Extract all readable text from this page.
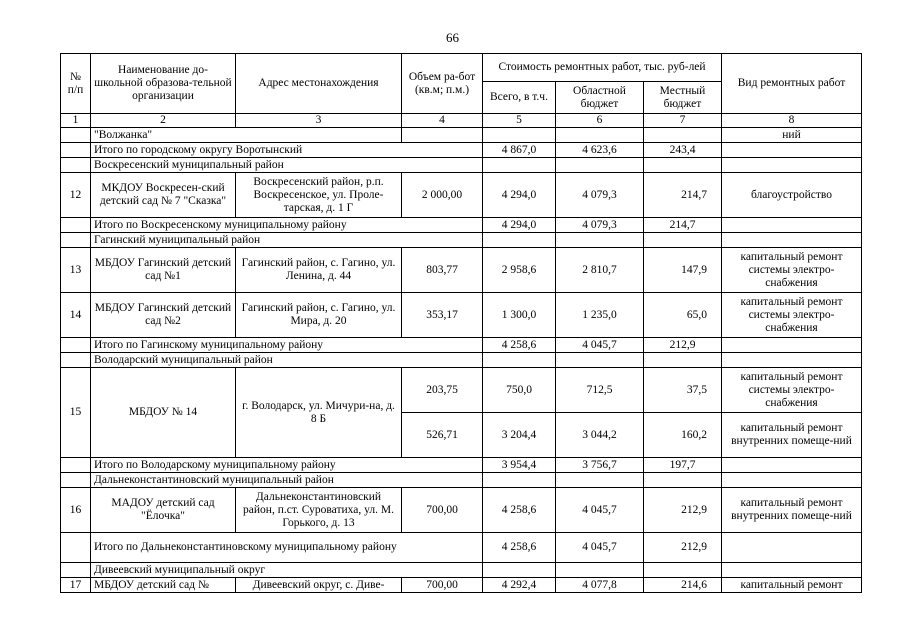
66
№ п/п	Наименование до-школьной образова-тельной организации	Адрес местонахождения	Объем ра-бот (кв.м; п.м.)	Стоимость ремонтных работ, тыс. руб-лей			Вид ремонтных работ
				Всего, в т.ч.	Областной бюджет	Местный бюджет	
1	2	3	4	5	6	7	8
	"Волжанка"						ний
	Итого по городскому округу Воротынский			4 867,0	4 623,6	243,4	
	Воскресенский муниципальный район						
12	МКДОУ Воскресен-ский детский сад № 7 "Сказка"	Воскресенский район, р.п. Воскресенское, ул. Проле-тарская, д. 1 Г	2 000,00	4 294,0	4 079,3	214,7	благоустройство
	Итого по Воскресенскому муниципальному району			4 294,0	4 079,3	214,7	
	Гагинский муниципальный район						
13	МБДОУ Гагинский детский сад №1	Гагинский район, с. Гагино, ул. Ленина, д. 44	803,77	2 958,6	2 810,7	147,9	капитальный ремонт системы электро-снабжения
14	МБДОУ Гагинский детский сад №2	Гагинский район, с. Гагино, ул. Мира, д. 20	353,17	1 300,0	1 235,0	65,0	капитальный ремонт системы электро-снабжения
	Итого по Гагинскому муниципальному району			4 258,6	4 045,7	212,9	
	Володарский муниципальный район						
15	МБДОУ № 14	г. Володарск, ул. Мичури-на, д. 8 Б	203,75	750,0	712,5	37,5	капитальный ремонт системы электро-снабжения
			526,71	3 204,4	3 044,2	160,2	капитальный ремонт внутренних помеще-ний
	Итого по Володарскому муниципальному району			3 954,4	3 756,7	197,7	
	Дальнеконстантиновский муниципальный район						
16	МАДОУ детский сад "Ёлочка"	Дальнеконстантиновский район, п.ст. Суроватиха, ул. М. Горького, д. 13	700,00	4 258,6	4 045,7	212,9	капитальный ремонт внутренних помеще-ний
	Итого по Дальнеконстантиновскому муниципальному району			4 258,6	4 045,7	212,9	
	Дивеевский муниципальный округ						
17	МБДОУ детский сад №	Дивеевский округ, с. Диве-	700,00	4 292,4	4 077,8	214,6	капитальный ремонт
